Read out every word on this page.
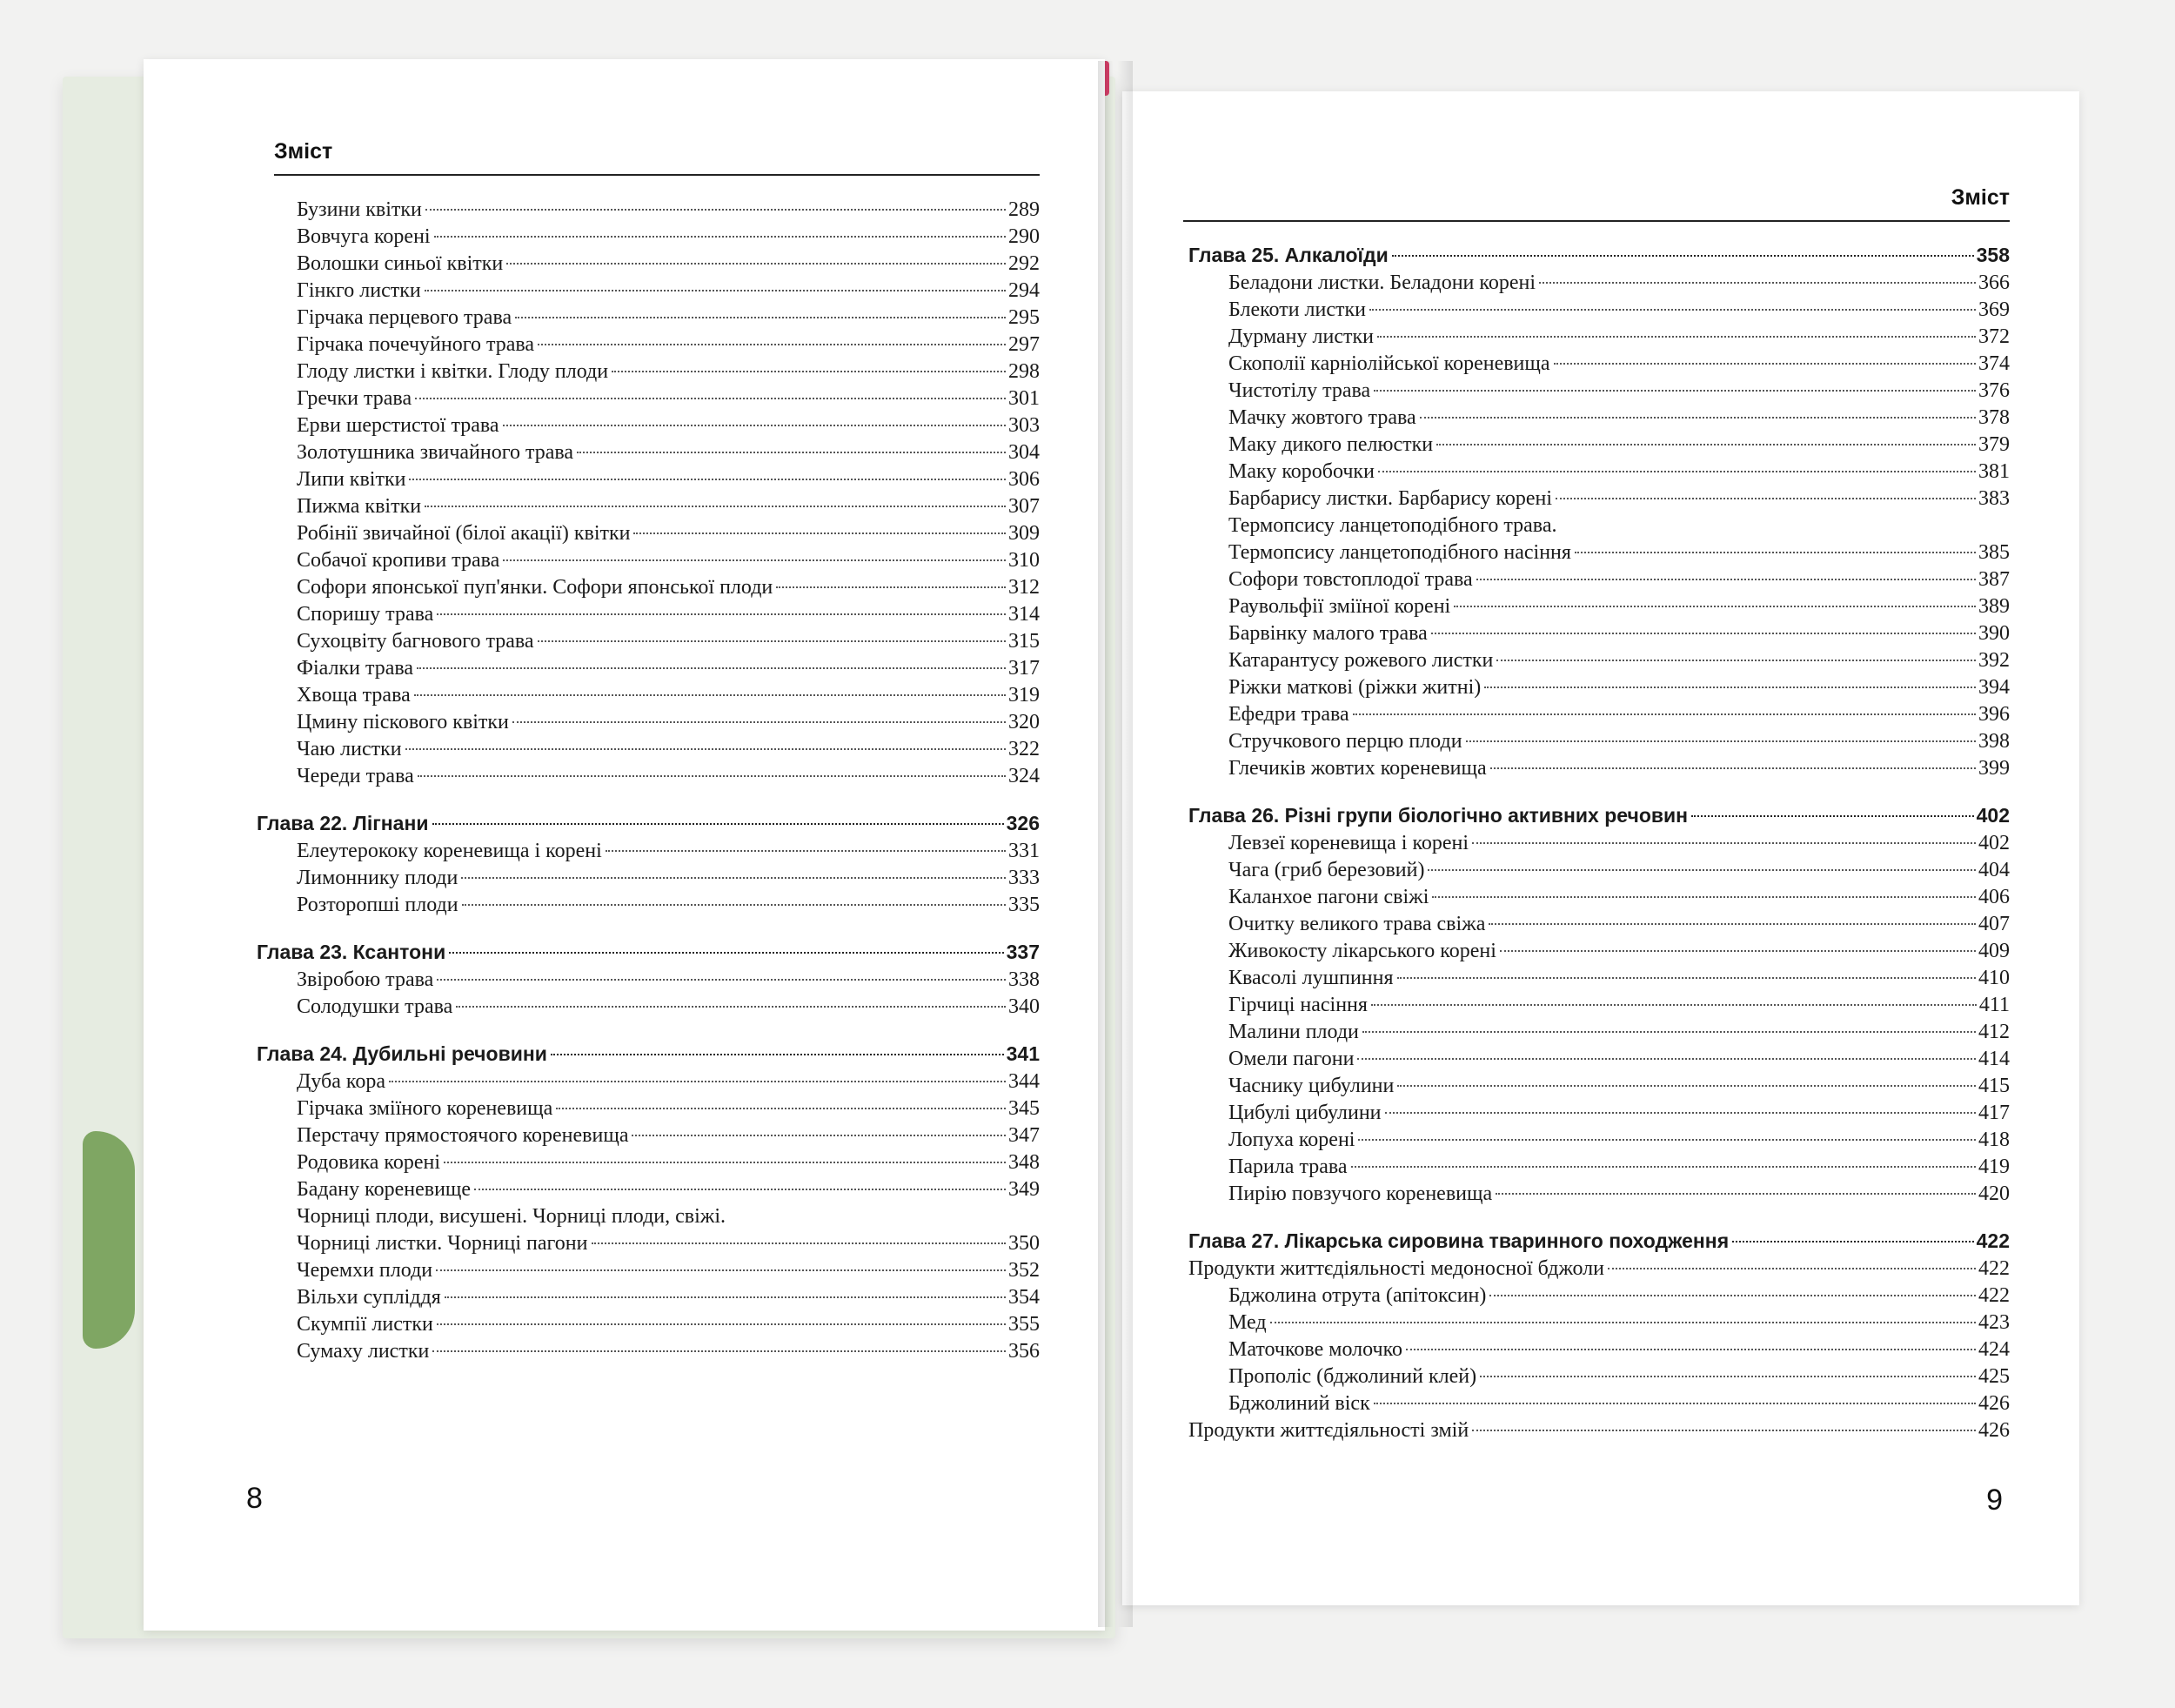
Зміст
Бузини квітки	289
Вовчуга корені	290
Волошки синьої квітки	292
Гінкго листки	294
Гірчака перцевого трава	295
Гірчака почечуйного трава	297
Глоду листки і квітки. Глоду плоди	298
Гречки трава	301
Ерви шерстистої трава	303
Золотушника звичайного трава	304
Липи квітки	306
Пижма квітки	307
Робінії звичайної (білої акації) квітки	309
Собачої кропиви трава	310
Софори японської пуп'янки. Софори японської плоди	312
Споришу трава	314
Сухоцвіту багнового трава	315
Фіалки трава	317
Хвоща трава	319
Цмину піскового квітки	320
Чаю листки	322
Череди трава	324
Глава 22. Лігнани	326
Елеутерококу кореневища і корені	331
Лимоннику плоди	333
Розторопші плоди	335
Глава 23. Ксантони	337
Звіробою трава	338
Солодушки трава	340
Глава 24. Дубильні речовини	341
Дуба кора	344
Гірчака зміїного кореневища	345
Перстачу прямостоячого кореневища	347
Родовика корені	348
Бадану кореневище	349
Чорниці плоди, висушені. Чорниці плоди, свіжі.
Чорниці листки. Чорниці пагони	350
Черемхи плоди	352
Вільхи супліддя	354
Скумпії листки	355
Сумаху листки	356
8
Зміст
Глава 25. Алкалоїди	358
Беладони листки. Беладони корені	366
Блекоти листки	369
Дурману листки	372
Скополії карніолійської кореневища	374
Чистотілу трава	376
Мачку жовтого трава	378
Маку дикого пелюстки	379
Маку коробочки	381
Барбарису листки. Барбарису корені	383
Термопсису ланцетоподібного трава.
Термопсису ланцетоподібного насіння	385
Софори товстоплодої трава	387
Раувольфії зміїної корені	389
Барвінку малого трава	390
Катарантусу рожевого листки	392
Ріжки маткові (ріжки житні)	394
Ефедри трава	396
Стручкового перцю плоди	398
Глечиків жовтих кореневища	399
Глава 26. Різні групи біологічно активних речовин	402
Левзеї кореневища і корені	402
Чага (гриб березовий)	404
Каланхое пагони свіжі	406
Очитку великого трава свіжа	407
Живокосту лікарського корені	409
Квасолі лушпиння	410
Гірчиці насіння	411
Малини плоди	412
Омели пагони	414
Часнику цибулини	415
Цибулі цибулини	417
Лопуха корені	418
Парила трава	419
Пирію повзучого кореневища	420
Глава 27. Лікарська сировина тваринного походження	422
Продукти життєдіяльності медоносної бджоли	422
Бджолина отрута (апітоксин)	422
Мед	423
Маточкове молочко	424
Прополіс (бджолиний клей)	425
Бджолиний віск	426
Продукти життєдіяльності змій	426
9
